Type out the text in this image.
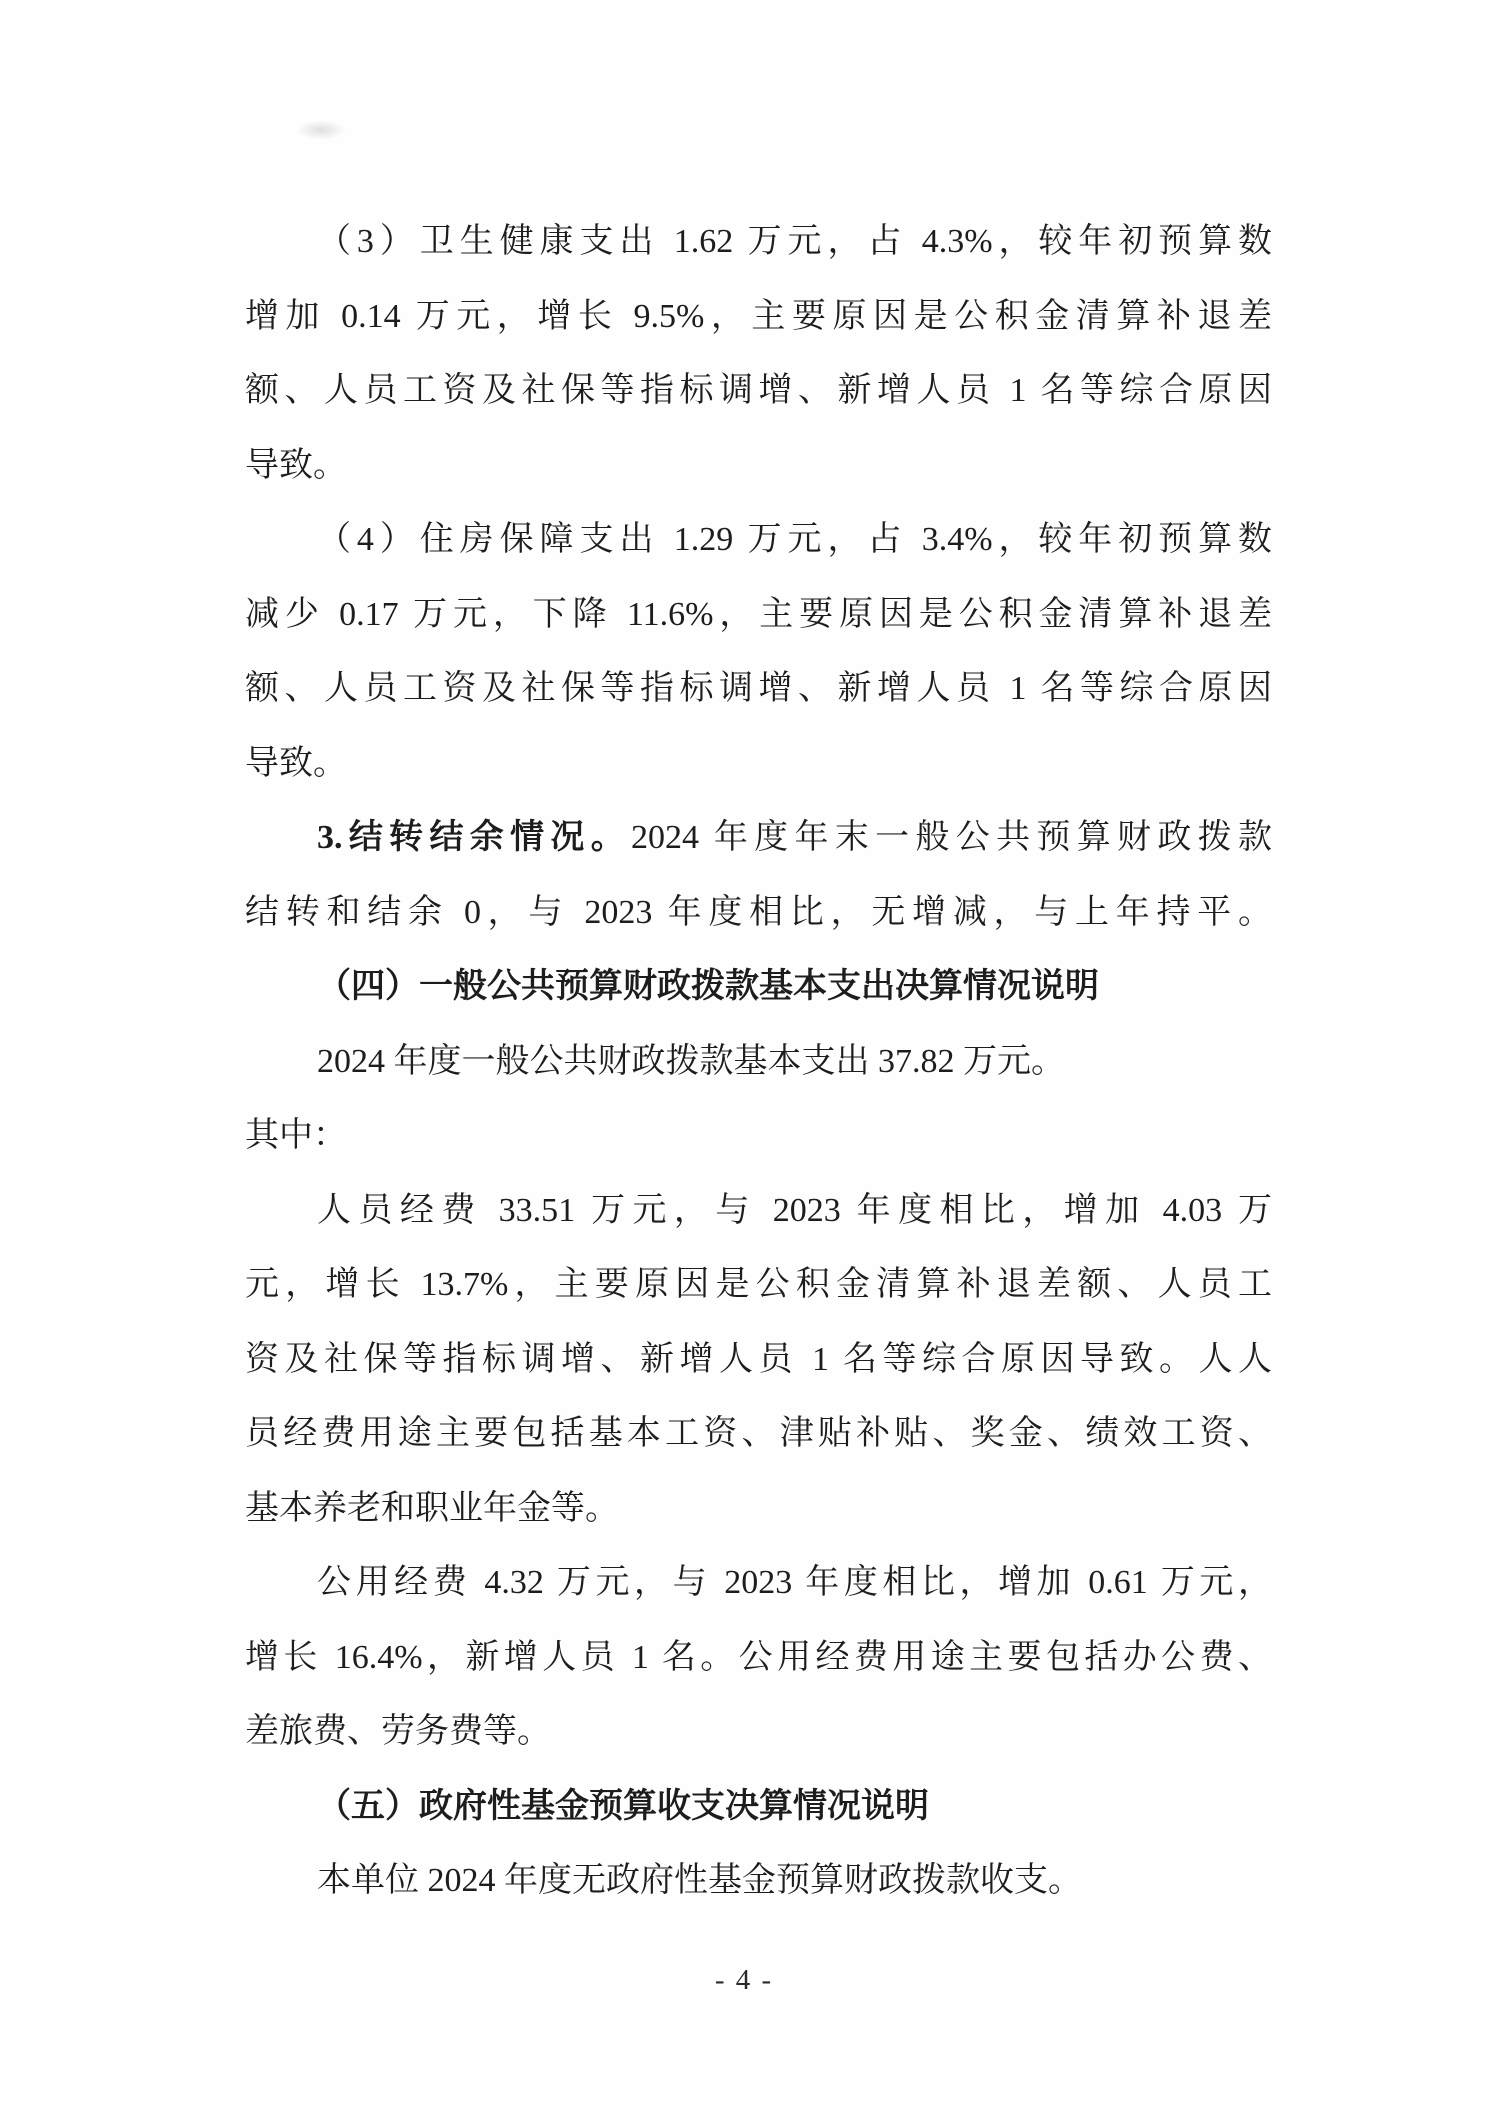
（3）卫生健康支出 1.62 万元，占 4.3%，较年初预算数
增加 0.14 万元，增长 9.5%，主要原因是公积金清算补退差
额、人员工资及社保等指标调增、新增人员 1 名等综合原因
导致。
（4）住房保障支出 1.29 万元，占 3.4%，较年初预算数
减少 0.17 万元，下降 11.6%，主要原因是公积金清算补退差
额、人员工资及社保等指标调增、新增人员 1 名等综合原因
导致。
3.结转结余情况。2024 年度年末一般公共预算财政拨款
结转和结余 0，与 2023 年度相比，无增减，与上年持平。
（四）一般公共预算财政拨款基本支出决算情况说明
2024 年度一般公共财政拨款基本支出 37.82 万元。
其中：
人员经费 33.51 万元，与 2023 年度相比，增加 4.03 万
元，增长 13.7%，主要原因是公积金清算补退差额、人员工
资及社保等指标调增、新增人员 1 名等综合原因导致。人人
员经费用途主要包括基本工资、津贴补贴、奖金、绩效工资、
基本养老和职业年金等。
公用经费 4.32 万元，与 2023 年度相比，增加 0.61 万元，
增长 16.4%，新增人员 1 名。公用经费用途主要包括办公费、
差旅费、劳务费等。
（五）政府性基金预算收支决算情况说明
本单位 2024 年度无政府性基金预算财政拨款收支。
- 4 -
